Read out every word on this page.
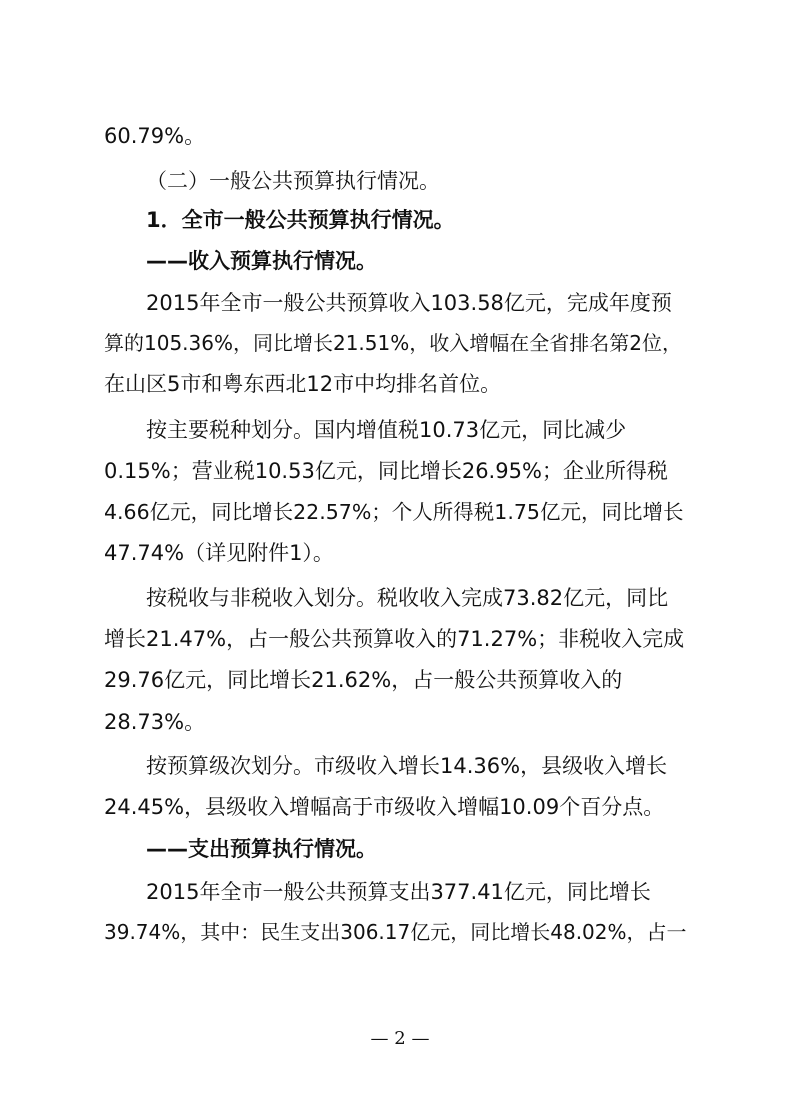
60.79%。
（二）一般公共预算执行情况。
1．全市一般公共预算执行情况。
——收入预算执行情况。
2015年全市一般公共预算收入103.58亿元，完成年度预
算的105.36%，同比增长21.51%，收入增幅在全省排名第2位，
在山区5市和粤东西北12市中均排名首位。
按主要税种划分。国内增值税10.73亿元，同比减少
0.15%；营业税10.53亿元，同比增长26.95%；企业所得税
4.66亿元，同比增长22.57%；个人所得税1.75亿元，同比增长
47.74%（详见附件1）。
按税收与非税收入划分。税收收入完成73.82亿元，同比
增长21.47%，占一般公共预算收入的71.27%；非税收入完成
29.76亿元，同比增长21.62%，占一般公共预算收入的
28.73%。
按预算级次划分。市级收入增长14.36%，县级收入增长
24.45%，县级收入增幅高于市级收入增幅10.09个百分点。
——支出预算执行情况。
2015年全市一般公共预算支出377.41亿元，同比增长
39.74%，其中：民生支出306.17亿元，同比增长48.02%，占一
— 2 —
